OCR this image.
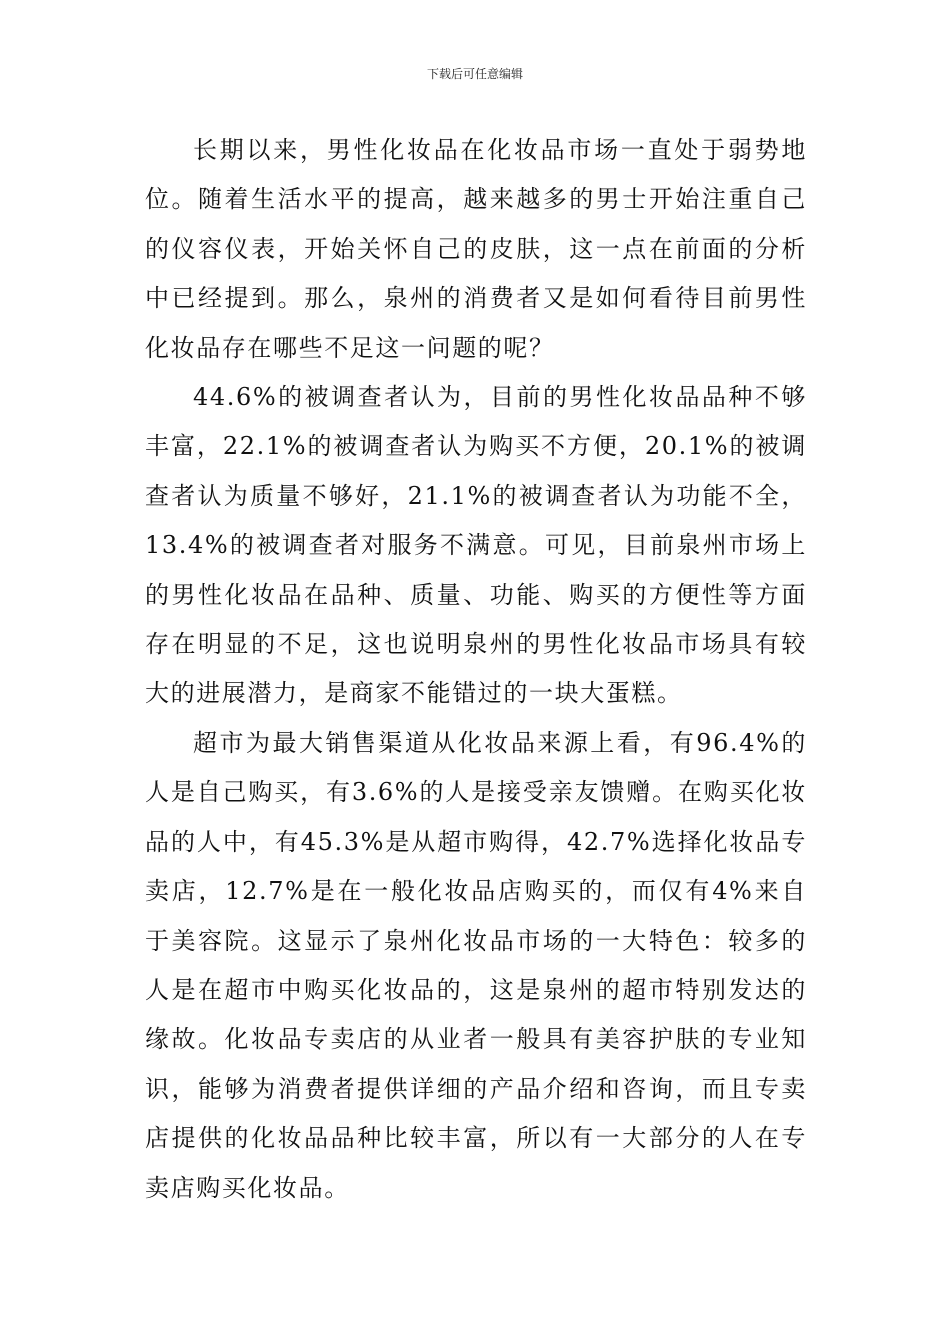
下载后可任意编辑

长期以来，男性化妆品在化妆品市场一直处于弱势地位。随着生活水平的提高，越来越多的男士开始注重自己的仪容仪表，开始关怀自己的皮肤，这一点在前面的分析中已经提到。那么，泉州的消费者又是如何看待目前男性化妆品存在哪些不足这一问题的呢？

44.6%的被调查者认为，目前的男性化妆品品种不够丰富，22.1%的被调查者认为购买不方便，20.1%的被调查者认为质量不够好，21.1%的被调查者认为功能不全，13.4%的被调查者对服务不满意。可见，目前泉州市场上的男性化妆品在品种、质量、功能、购买的方便性等方面存在明显的不足，这也说明泉州的男性化妆品市场具有较大的进展潜力，是商家不能错过的一块大蛋糕。

超市为最大销售渠道从化妆品来源上看，有96.4%的人是自己购买，有3.6%的人是接受亲友馈赠。在购买化妆品的人中，有45.3%是从超市购得，42.7%选择化妆品专卖店，12.7%是在一般化妆品店购买的，而仅有4%来自于美容院。这显示了泉州化妆品市场的一大特色：较多的人是在超市中购买化妆品的，这是泉州的超市特别发达的缘故。化妆品专卖店的从业者一般具有美容护肤的专业知识，能够为消费者提供详细的产品介绍和咨询，而且专卖店提供的化妆品品种比较丰富，所以有一大部分的人在专卖店购买化妆品。
